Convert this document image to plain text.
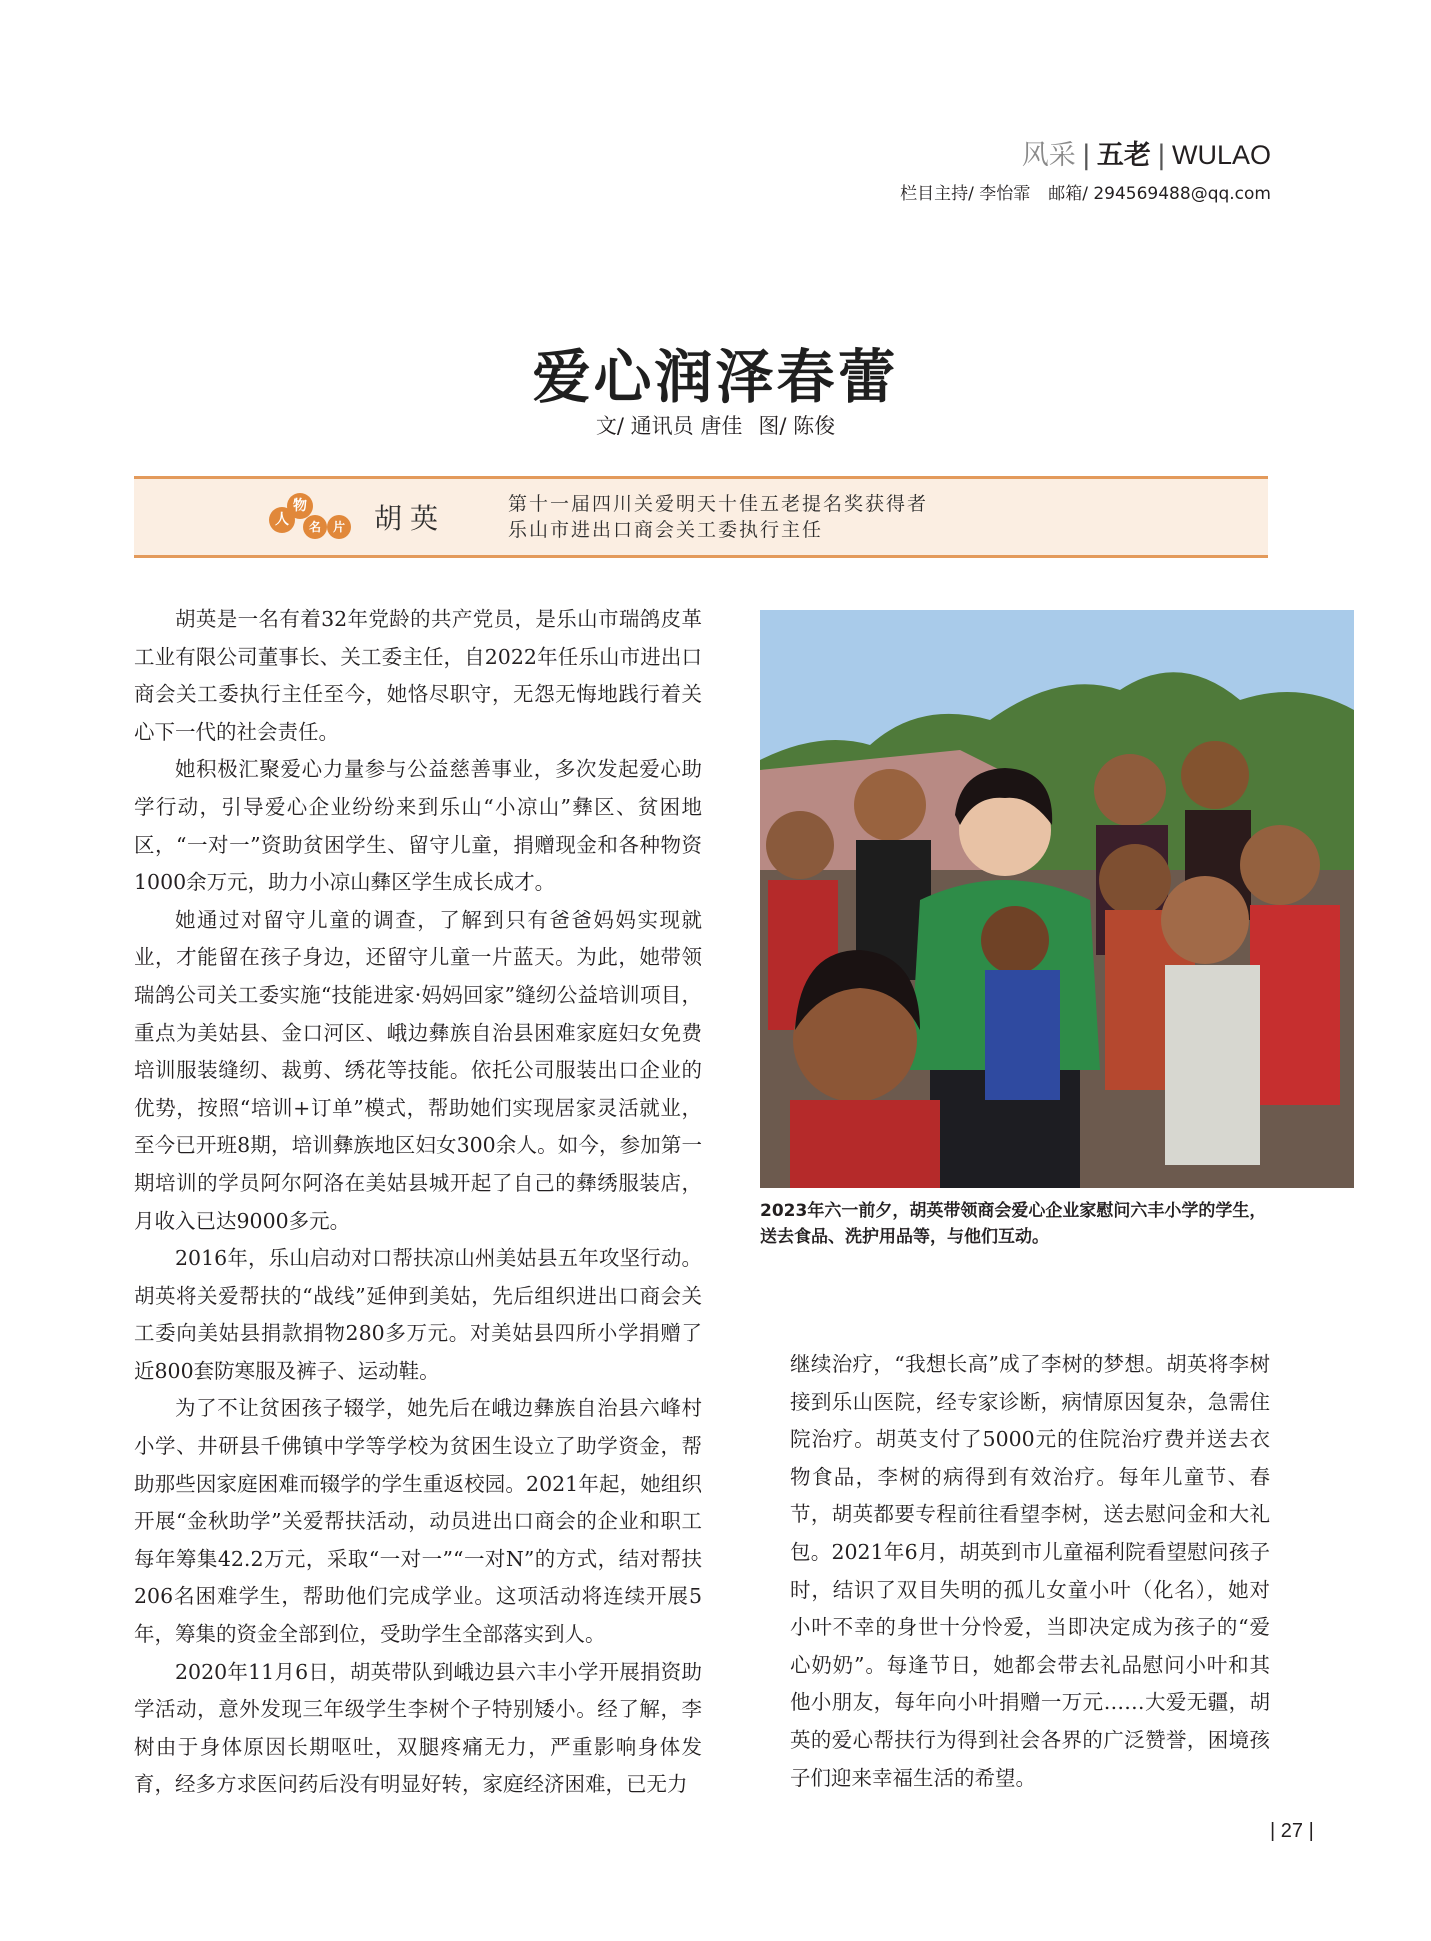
风采 | 五老 | WULAO
栏目主持/ 李怡霏 邮箱/ 294569488@qq.com
爱心润泽春蕾
文/ 通讯员 唐佳 图/ 陈俊
人
物
名 片 胡英	第十一届四川关爱明天十佳五老提名奖获得者
乐山市进出口商会关工委执行主任

胡英是一名有着32年党龄的共产党员，是乐山市瑞鸽皮革工业有限公司董事长、关工委主任，自2022年任乐山市进出口商会关工委执行主任至今，她恪尽职守，无怨无悔地践行着关心下一代的社会责任。

她积极汇聚爱心力量参与公益慈善事业，多次发起爱心助学行动，引导爱心企业纷纷来到乐山“小凉山”彝区、贫困地区，“一对一”资助贫困学生、留守儿童，捐赠现金和各种物资1000余万元，助力小凉山彝区学生成长成才。

她通过对留守儿童的调查，了解到只有爸爸妈妈实现就业，才能留在孩子身边，还留守儿童一片蓝天。为此，她带领瑞鸽公司关工委实施“技能进家·妈妈回家”缝纫公益培训项目，重点为美姑县、金口河区、峨边彝族自治县困难家庭妇女免费培训服装缝纫、裁剪、绣花等技能。依托公司服装出口企业的优势，按照“培训+订单”模式，帮助她们实现居家灵活就业，至今已开班8期，培训彝族地区妇女300余人。如今，参加第一期培训的学员阿尔阿洛在美姑县城开起了自己的彝绣服装店，月收入已达9000多元。

2016年，乐山启动对口帮扶凉山州美姑县五年攻坚行动。胡英将关爱帮扶的“战线”延伸到美姑，先后组织进出口商会关工委向美姑县捐款捐物280多万元。对美姑县四所小学捐赠了近800套防寒服及裤子、运动鞋。

为了不让贫困孩子辍学，她先后在峨边彝族自治县六峰村小学、井研县千佛镇中学等学校为贫困生设立了助学资金，帮助那些因家庭困难而辍学的学生重返校园。2021年起，她组织开展“金秋助学”关爱帮扶活动，动员进出口商会的企业和职工每年筹集42.2万元，采取“一对一”“一对N”的方式，结对帮扶206名困难学生，帮助他们完成学业。这项活动将连续开展5年，筹集的资金全部到位，受助学生全部落实到人。

2020年11月6日，胡英带队到峨边县六丰小学开展捐资助学活动，意外发现三年级学生李树个子特别矮小。经了解，李树由于身体原因长期呕吐，双腿疼痛无力，严重影响身体发育，经多方求医问药后没有明显好转，家庭经济困难，已无力

2023年六一前夕，胡英带领商会爱心企业家慰问六丰小学的学生，送去食品、洗护用品等，与他们互动。

继续治疗，“我想长高”成了李树的梦想。胡英将李树接到乐山医院，经专家诊断，病情原因复杂，急需住院治疗。胡英支付了5000元的住院治疗费并送去衣物食品，李树的病得到有效治疗。每年儿童节、春节，胡英都要专程前往看望李树，送去慰问金和大礼包。2021年6月，胡英到市儿童福利院看望慰问孩子时，结识了双目失明的孤儿女童小叶（化名），她对小叶不幸的身世十分怜爱，当即决定成为孩子的“爱心奶奶”。每逢节日，她都会带去礼品慰问小叶和其他小朋友，每年向小叶捐赠一万元……大爱无疆，胡英的爱心帮扶行为得到社会各界的广泛赞誉，困境孩子们迎来幸福生活的希望。

| 27 |
